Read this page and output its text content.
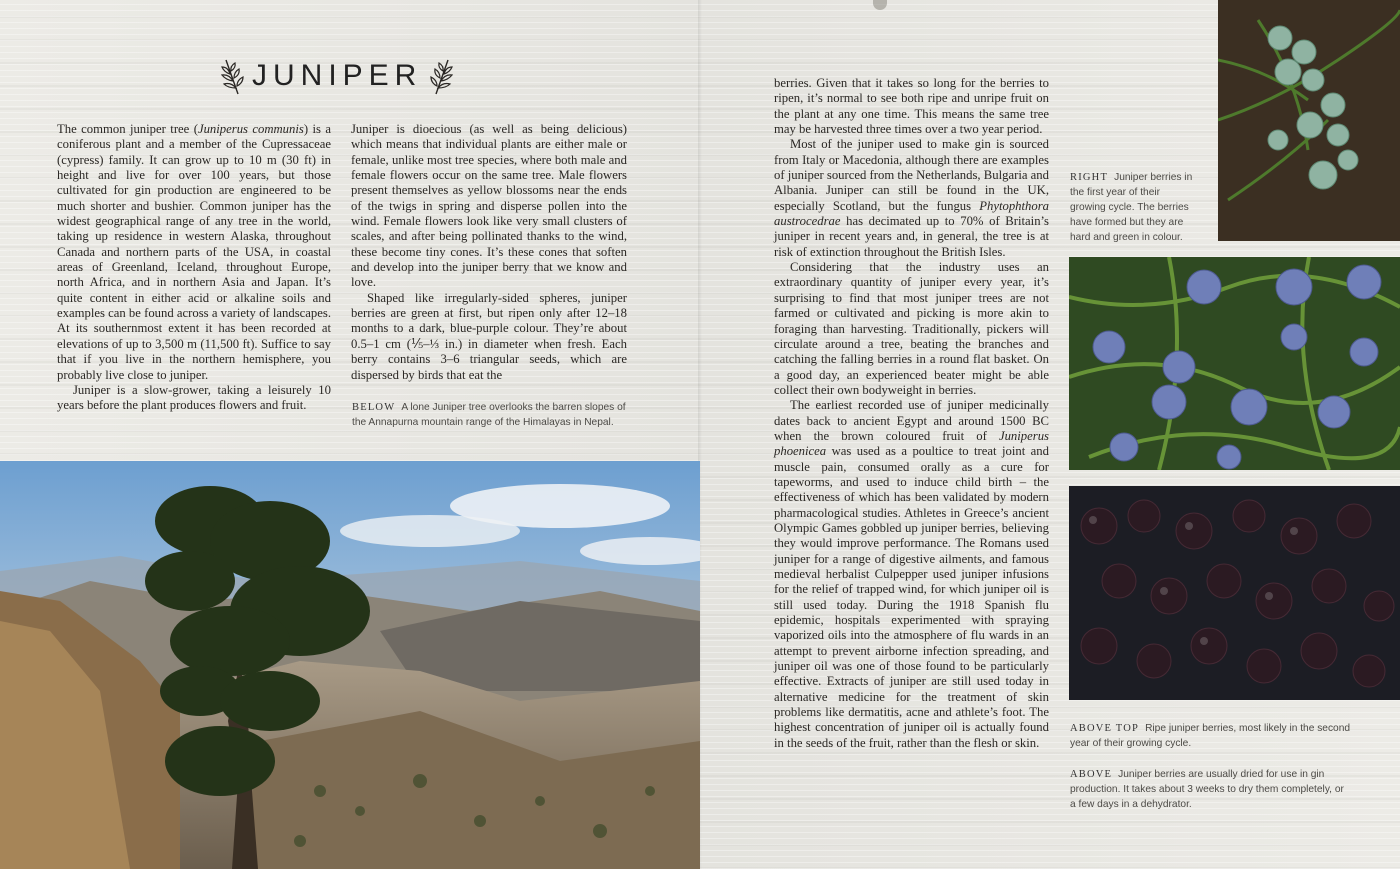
JUNIPER

The common juniper tree (Juniperus communis) is a coniferous plant and a member of the Cupressaceae (cypress) family. It can grow up to 10 m (30 ft) in height and live for over 100 years, but those cultivated for gin production are engineered to be much shorter and bushier. Common juniper has the widest geographical range of any tree in the world, taking up residence in western Alaska, throughout Canada and northern parts of the USA, in coastal areas of Greenland, Iceland, throughout Europe, north Africa, and in northern Asia and Japan. It’s quite content in either acid or alkaline soils and examples can be found across a variety of landscapes. At its southernmost extent it has been recorded at elevations of up to 3,500 m (11,500 ft). Suffice to say that if you live in the northern hemisphere, you probably live close to juniper.

Juniper is a slow-grower, taking a leisurely 10 years before the plant produces flowers and fruit.

Juniper is dioecious (as well as being delicious) which means that individual plants are either male or female, unlike most tree species, where both male and female flowers occur on the same tree. Male flowers present themselves as yellow blossoms near the ends of the twigs in spring and disperse pollen into the wind. Female flowers look like very small clusters of scales, and after being pollinated thanks to the wind, these become tiny cones. It’s these cones that soften and develop into the juniper berry that we know and love.

Shaped like irregularly-sided spheres, juniper berries are green at first, but ripen only after 12–18 months to a dark, blue-purple colour. They’re about 0.5–1 cm (⅕–⅓ in.) in diameter when fresh. Each berry contains 3–6 triangular seeds, which are dispersed by birds that eat the

BELOW A lone Juniper tree overlooks the barren slopes of the Annapurna mountain range of the Himalayas in Nepal.

berries. Given that it takes so long for the berries to ripen, it’s normal to see both ripe and unripe fruit on the plant at any one time. This means the same tree may be harvested three times over a two year period.

Most of the juniper used to make gin is sourced from Italy or Macedonia, although there are examples of juniper sourced from the Netherlands, Bulgaria and Albania. Juniper can still be found in the UK, especially Scotland, but the fungus Phytophthora austrocedrae has decimated up to 70% of Britain’s juniper in recent years and, in general, the tree is at risk of extinction throughout the British Isles.

Considering that the industry uses an extraordinary quantity of juniper every year, it’s surprising to find that most juniper trees are not farmed or cultivated and picking is more akin to foraging than harvesting. Traditionally, pickers will circulate around a tree, beating the branches and catching the falling berries in a round flat basket. On a good day, an experienced beater might be able collect their own bodyweight in berries.

The earliest recorded use of juniper medicinally dates back to ancient Egypt and around 1500 BC when the brown coloured fruit of Juniperus phoenicea was used as a poultice to treat joint and muscle pain, consumed orally as a cure for tapeworms, and used to induce child birth – the effectiveness of which has been validated by modern pharmacological studies. Athletes in Greece’s ancient Olympic Games gobbled up juniper berries, believing they would improve performance. The Romans used juniper for a range of digestive ailments, and famous medieval herbalist Culpepper used juniper infusions for the relief of trapped wind, for which juniper oil is still used today. During the 1918 Spanish flu epidemic, hospitals experimented with spraying vaporized oils into the atmosphere of flu wards in an attempt to prevent airborne infection spreading, and juniper oil was one of those found to be particularly effective. Extracts of juniper are still used today in alternative medicine for the treatment of skin problems like dermatitis, acne and athlete’s foot. The highest concentration of juniper oil is actually found in the seeds of the fruit, rather than the flesh or skin.

RIGHT Juniper berries in the first year of their growing cycle. The berries have formed but they are hard and green in colour.
ABOVE TOP Ripe juniper berries, most likely in the second year of their growing cycle.
ABOVE Juniper berries are usually dried for use in gin production. It takes about 3 weeks to dry them completely, or a few days in a dehydrator.
